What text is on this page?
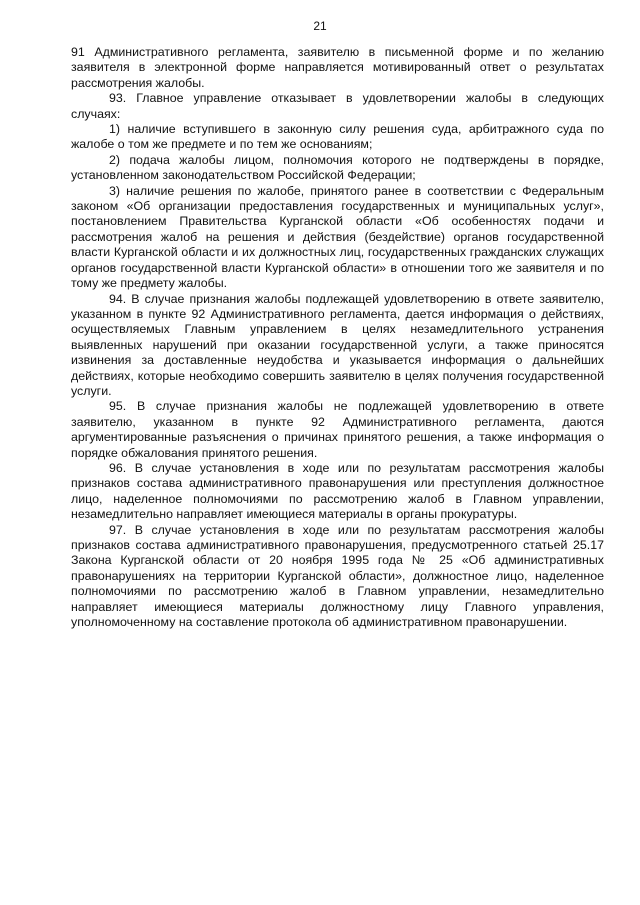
21

91 Административного регламента, заявителю в письменной форме и по желанию заявителя в электронной форме направляется мотивированный ответ о результатах рассмотрения жалобы.

93. Главное управление отказывает в удовлетворении жалобы в следующих случаях:

1) наличие вступившего в законную силу решения суда, арбитражного суда по жалобе о том же предмете и по тем же основаниям;

2) подача жалобы лицом, полномочия которого не подтверждены в порядке, установленном законодательством Российской Федерации;

3) наличие решения по жалобе, принятого ранее в соответствии с Федеральным законом «Об организации предоставления государственных и муниципальных услуг», постановлением Правительства Курганской области «Об особенностях подачи и рассмотрения жалоб на решения и действия (бездействие) органов государственной власти Курганской области и их должностных лиц, государственных гражданских служащих органов государственной власти Курганской области» в отношении того же заявителя и по тому же предмету жалобы.

94. В случае признания жалобы подлежащей удовлетворению в ответе заявителю, указанном в пункте 92 Административного регламента, дается информация о действиях, осуществляемых Главным управлением в целях незамедлительного устранения выявленных нарушений при оказании государственной услуги, а также приносятся извинения за доставленные неудобства и указывается информация о дальнейших действиях, которые необходимо совершить заявителю в целях получения государственной услуги.

95. В случае признания жалобы не подлежащей удовлетворению в ответе заявителю, указанном в пункте 92 Административного регламента, даются аргументированные разъяснения о причинах принятого решения, а также информация о порядке обжалования принятого решения.

96. В случае установления в ходе или по результатам рассмотрения жалобы признаков состава административного правонарушения или преступления должностное лицо, наделенное полномочиями по рассмотрению жалоб в Главном управлении, незамедлительно направляет имеющиеся материалы в органы прокуратуры.

97. В случае установления в ходе или по результатам рассмотрения жалобы признаков состава административного правонарушения, предусмотренного статьей 25.17 Закона Курганской области от 20 ноября 1995 года № 25 «Об административных правонарушениях на территории Курганской области», должностное лицо, наделенное полномочиями по рассмотрению жалоб в Главном управлении, незамедлительно направляет имеющиеся материалы должностному лицу Главного управления, уполномоченному на составление протокола об административном правонарушении.
